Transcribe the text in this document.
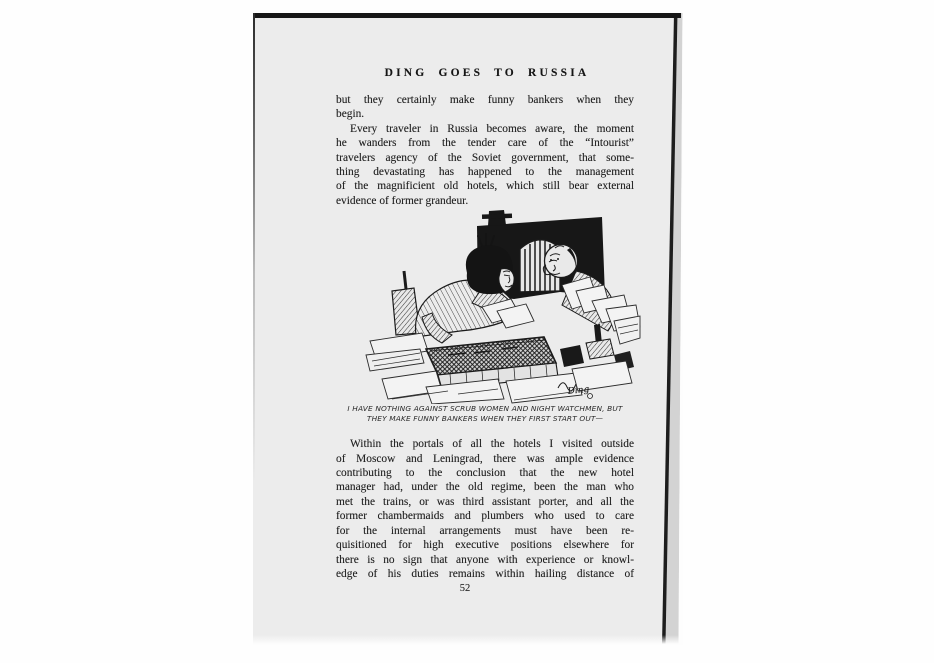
DING GOES TO RUSSIA
but they certainly make funny bankers when they
begin.
Every traveler in Russia becomes aware, the moment
he wanders from the tender care of the “Intourist”
travelers agency of the Soviet government, that some-
thing devastating has happened to the management
of the magnificient old hotels, which still bear external
evidence of former grandeur.
Ding
I HAVE NOTHING AGAINST SCRUB WOMEN AND NIGHT WATCHMEN, BUT
THEY MAKE FUNNY BANKERS WHEN THEY FIRST START OUT—
Within the portals of all the hotels I visited outside
of Moscow and Leningrad, there was ample evidence
contributing to the conclusion that the new hotel
manager had, under the old regime, been the man who
met the trains, or was third assistant porter, and all the
former chambermaids and plumbers who used to care
for the internal arrangements must have been re-
quisitioned for high executive positions elsewhere for
there is no sign that anyone with experience or knowl-
edge of his duties remains within hailing distance of
52
